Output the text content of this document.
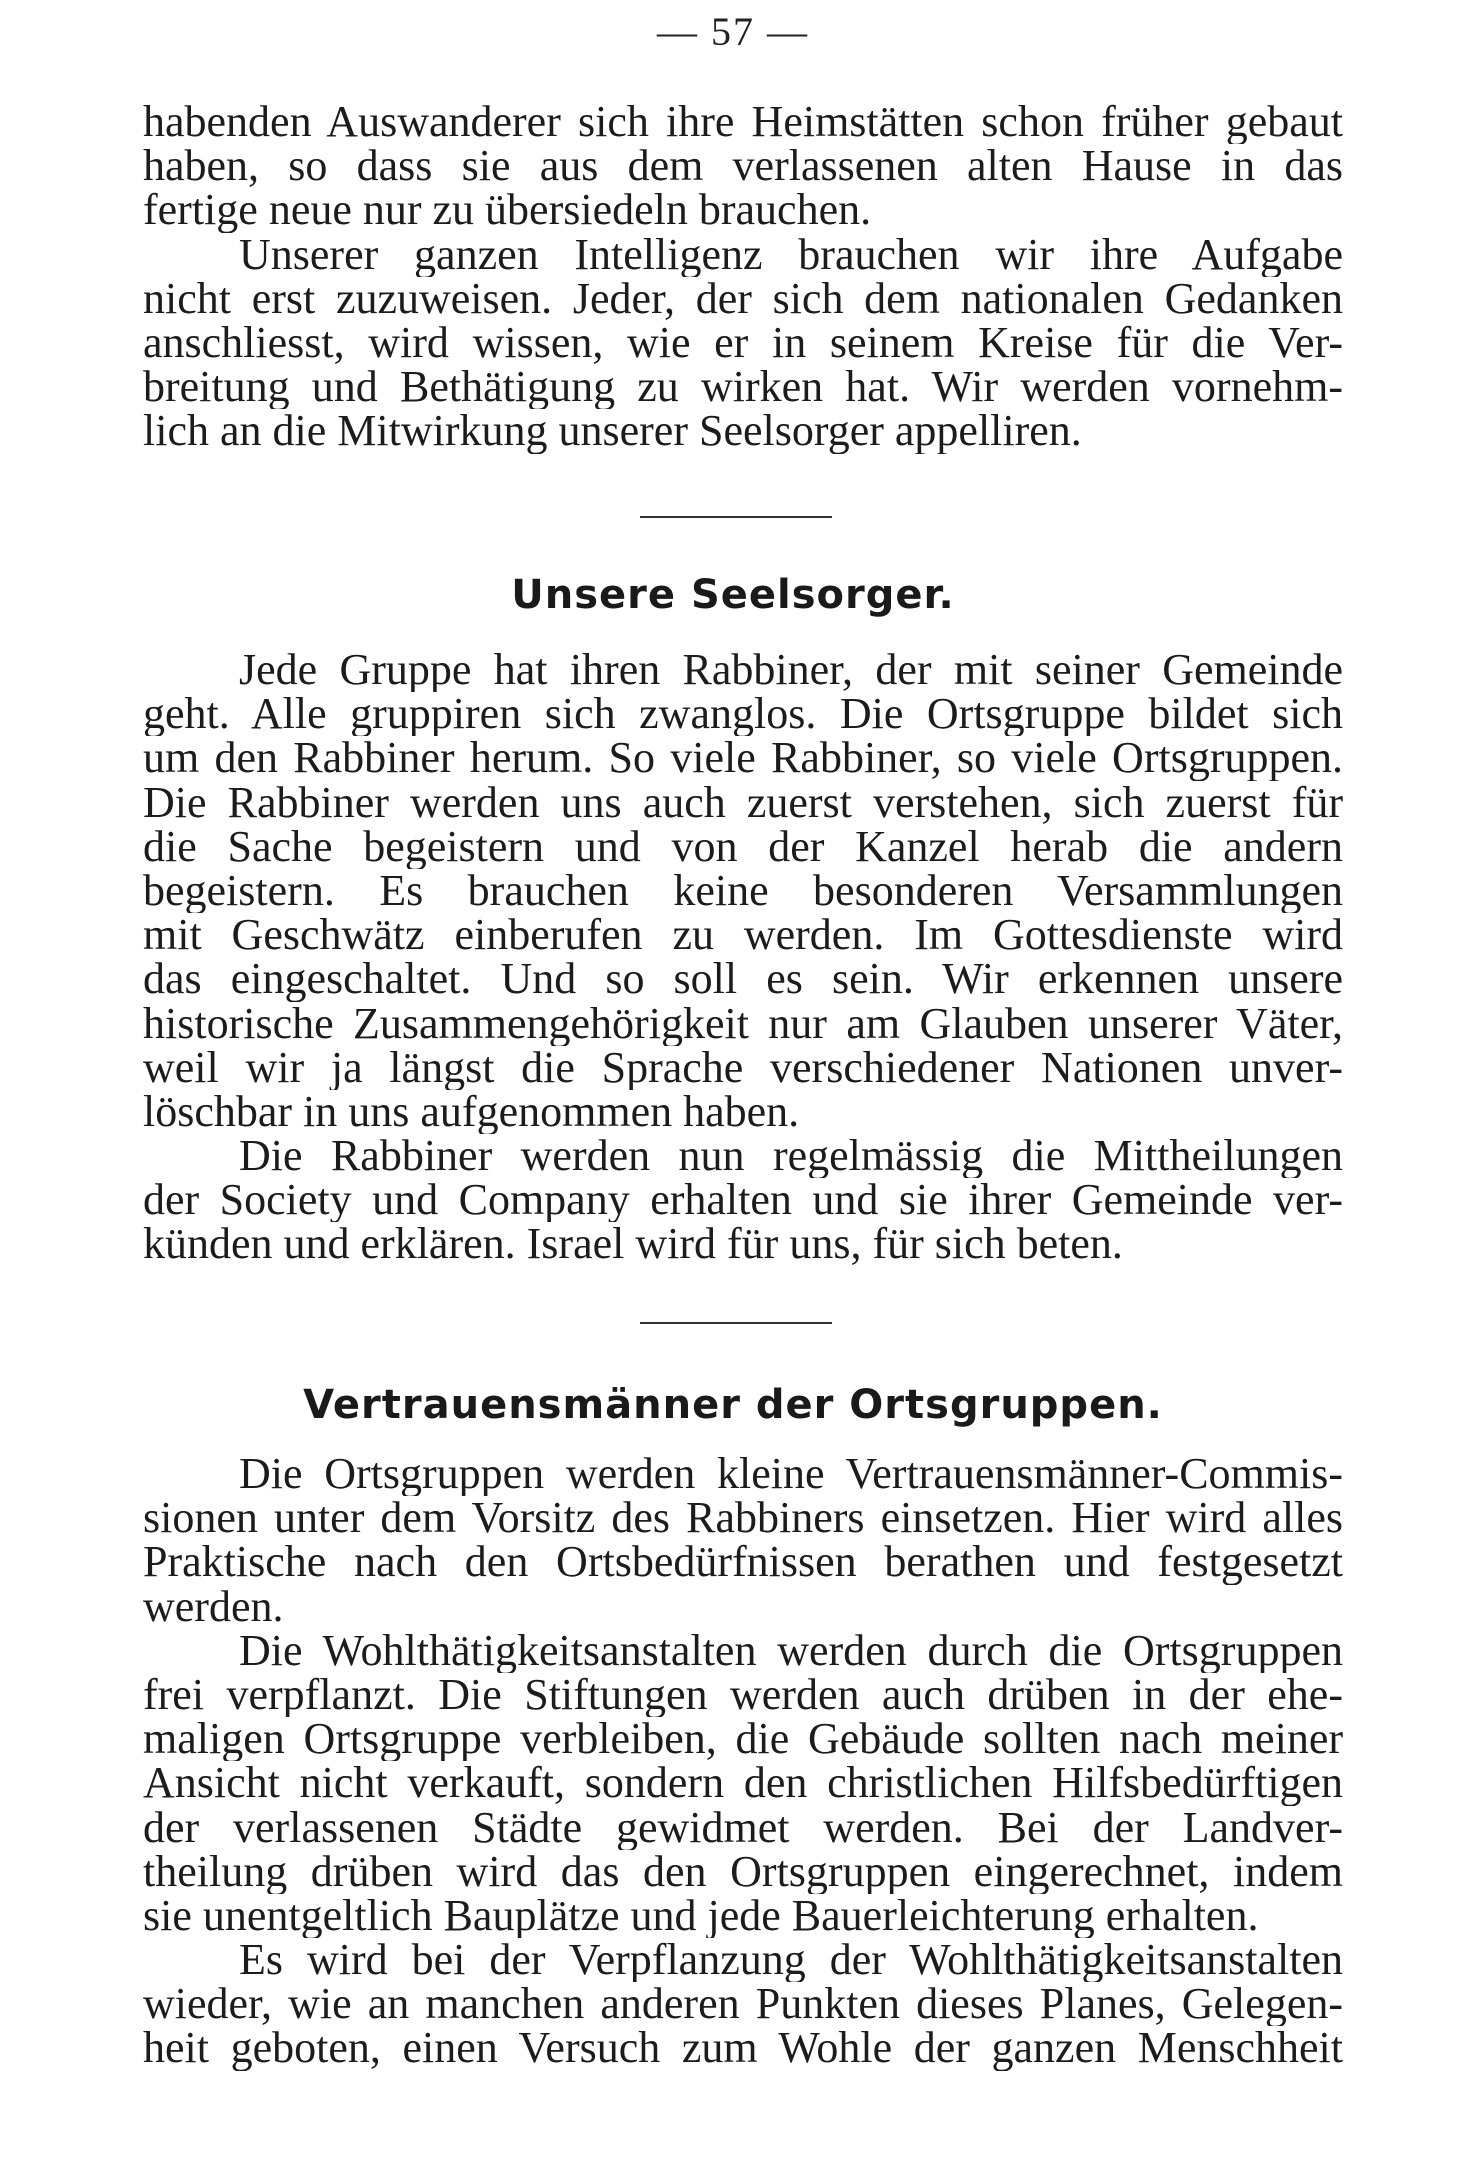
— 57 —
habenden Auswanderer sich ihre Heimstätten schon früher gebaut
haben, so dass sie aus dem verlassenen alten Hause in das
fertige neue nur zu übersiedeln brauchen.
Unserer ganzen Intelligenz brauchen wir ihre Aufgabe
nicht erst zuzuweisen. Jeder, der sich dem nationalen Gedanken
anschliesst, wird wissen, wie er in seinem Kreise für die Ver-
breitung und Bethätigung zu wirken hat. Wir werden vornehm-
lich an die Mitwirkung unserer Seelsorger appelliren.
Unsere Seelsorger.
Jede Gruppe hat ihren Rabbiner, der mit seiner Gemeinde
geht. Alle gruppiren sich zwanglos. Die Ortsgruppe bildet sich
um den Rabbiner herum. So viele Rabbiner, so viele Ortsgruppen.
Die Rabbiner werden uns auch zuerst verstehen, sich zuerst für
die Sache begeistern und von der Kanzel herab die andern
begeistern. Es brauchen keine besonderen Versammlungen
mit Geschwätz einberufen zu werden. Im Gottesdienste wird
das eingeschaltet. Und so soll es sein. Wir erkennen unsere
historische Zusammengehörigkeit nur am Glauben unserer Väter,
weil wir ja längst die Sprache verschiedener Nationen unver-
löschbar in uns aufgenommen haben.
Die Rabbiner werden nun regelmässig die Mittheilungen
der Society und Company erhalten und sie ihrer Gemeinde ver-
künden und erklären. Israel wird für uns, für sich beten.
Vertrauensmänner der Ortsgruppen.
Die Ortsgruppen werden kleine Vertrauensmänner-Commis-
sionen unter dem Vorsitz des Rabbiners einsetzen. Hier wird alles
Praktische nach den Ortsbedürfnissen berathen und festgesetzt
werden.
Die Wohlthätigkeitsanstalten werden durch die Ortsgruppen
frei verpflanzt. Die Stiftungen werden auch drüben in der ehe-
maligen Ortsgruppe verbleiben, die Gebäude sollten nach meiner
Ansicht nicht verkauft, sondern den christlichen Hilfsbedürftigen
der verlassenen Städte gewidmet werden. Bei der Landver-
theilung drüben wird das den Ortsgruppen eingerechnet, indem
sie unentgeltlich Bauplätze und jede Bauerleichterung erhalten.
Es wird bei der Verpflanzung der Wohlthätigkeitsanstalten
wieder, wie an manchen anderen Punkten dieses Planes, Gelegen-
heit geboten, einen Versuch zum Wohle der ganzen Menschheit
